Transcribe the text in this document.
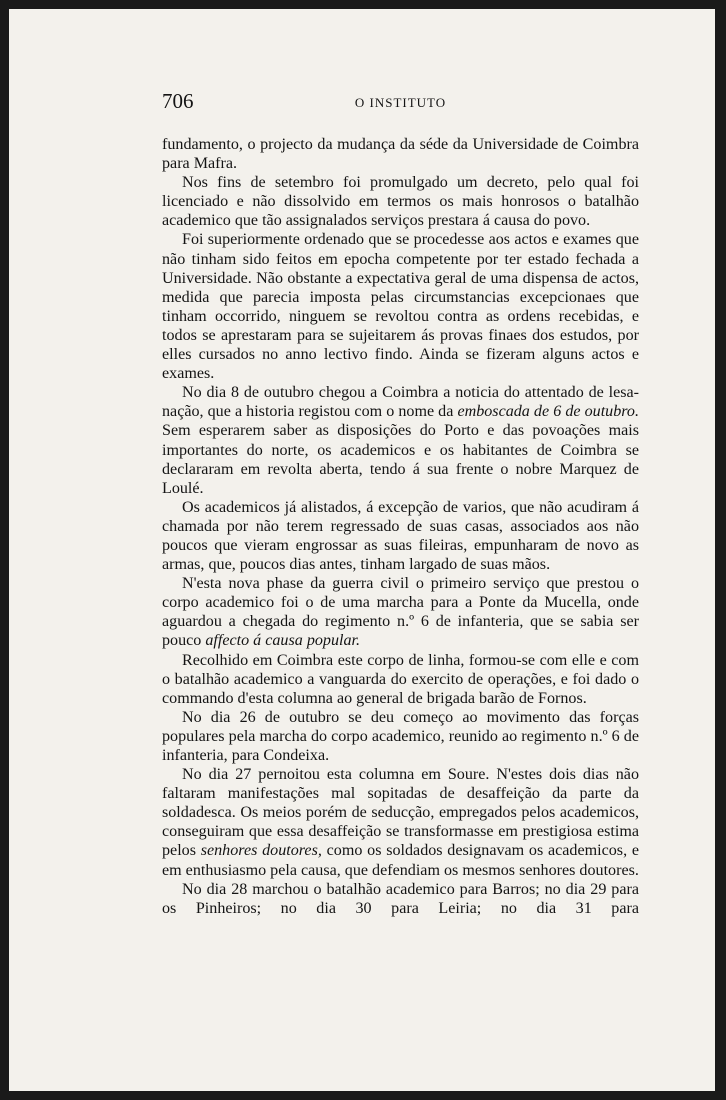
706	O INSTITUTO

fundamento, o projecto da mudança da séde da Universidade de Coimbra para Mafra.

Nos fins de setembro foi promulgado um decreto, pelo qual foi licenciado e não dissolvido em termos os mais honrosos o batalhão academico que tão assignalados serviços prestara á causa do povo.

Foi superiormente ordenado que se procedesse aos actos e exames que não tinham sido feitos em epocha competente por ter estado fechada a Universidade. Não obstante a expectativa geral de uma dispensa de actos, medida que parecia imposta pelas circumstancias excepcionaes que tinham occorrido, ninguem se revoltou contra as ordens recebidas, e todos se aprestaram para se sujeitarem ás provas finaes dos estudos, por elles cursados no anno lectivo findo. Ainda se fizeram alguns actos e exames.

No dia 8 de outubro chegou a Coimbra a noticia do attentado de lesa-nação, que a historia registou com o nome da emboscada de 6 de outubro. Sem esperarem saber as disposições do Porto e das povoações mais importantes do norte, os academicos e os habitantes de Coimbra se declararam em revolta aberta, tendo á sua frente o nobre Marquez de Loulé.

Os academicos já alistados, á excepção de varios, que não acudiram á chamada por não terem regressado de suas casas, associados aos não poucos que vieram engrossar as suas fileiras, empunharam de novo as armas, que, poucos dias antes, tinham largado de suas mãos.

N'esta nova phase da guerra civil o primeiro serviço que prestou o corpo academico foi o de uma marcha para a Ponte da Mucella, onde aguardou a chegada do regimento n.º 6 de infanteria, que se sabia ser pouco affecto á causa popular.

Recolhido em Coimbra este corpo de linha, formou-se com elle e com o batalhão academico a vanguarda do exercito de operações, e foi dado o commando d'esta columna ao general de brigada barão de Fornos.

No dia 26 de outubro se deu começo ao movimento das forças populares pela marcha do corpo academico, reunido ao regimento n.º 6 de infanteria, para Condeixa.

No dia 27 pernoitou esta columna em Soure. N'estes dois dias não faltaram manifestações mal sopitadas de desaffeição da parte da soldadesca. Os meios porém de seducção, empregados pelos academicos, conseguiram que essa desaffeição se transformasse em prestigiosa estima pelos senhores doutores, como os soldados designavam os academicos, e em enthusiasmo pela causa, que defendiam os mesmos senhores doutores.

No dia 28 marchou o batalhão academico para Barros; no dia 29 para os Pinheiros; no dia 30 para Leiria; no dia 31 para
